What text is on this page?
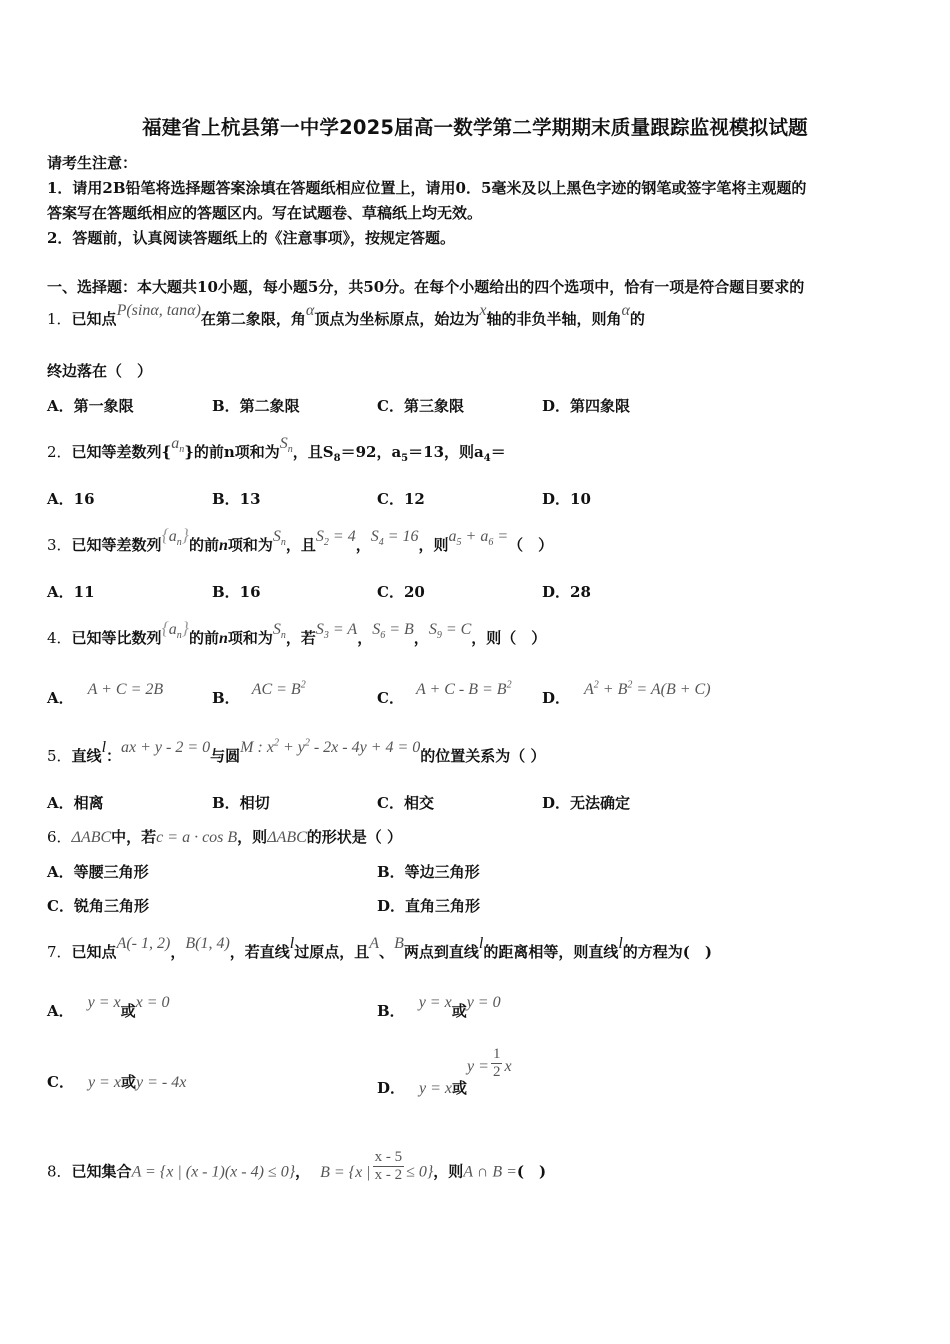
福建省上杭县第一中学2025届高一数学第二学期期末质量跟踪监视模拟试题
请考生注意：
1．请用2B铅笔将选择题答案涂填在答题纸相应位置上，请用0．5毫米及以上黑色字迹的钢笔或签字笔将主观题的
答案写在答题纸相应的答题区内。写在试题卷、草稿纸上均无效。
2．答题前，认真阅读答题纸上的《注意事项》，按规定答题。
一、选择题：本大题共10小题，每小题5分，共50分。在每个小题给出的四个选项中，恰有一项是符合题目要求的
1．已知点P(sinα, tanα)在第二象限，角α顶点为坐标原点，始边为x轴的非负半轴，则角α的
终边落在（　）
A．第一象限	B．第二象限	C．第三象限	D．第四象限
2．已知等差数列$\{a_n\}$的前n项和为$S_n$，且$S_8=92$，$a_5=13$，则$a_4=$
A．16	B．13	C．12	D．10
3．已知等差数列$\{a_n\}$的前n项和为$S_n$，且$S_2 = 4$，$S_4 = 16$，则$a_5 + a_6$ =（　）
A．11	B．16	C．20	D．28
4．已知等比数列$\{a_n\}$的前n项和为$S_n$，若$S_3 = A$，$S_6 = B$，$S_9 = C$，则（　）
A． A + C = 2B	B． AC = $B^2$
C． $A + C - B = B^2$
D． $A^2 + B^2 = A(B + C)$
5．直线l：ax + y - 2 = 0与圆M : $x^2 + y^2 - 2x - 4y + 4 = 0$的位置关系为（ ）
A．相离	B．相切	C．相交	D．无法确定
6．ΔABC中，若c = a · cos B，则ΔABC的形状是（ ）
A．等腰三角形	B．等边三角形
C．锐角三角形	D．直角三角形
7．已知点A(- 1, 2)，B(1, 4)，若直线l过原点，且A、B两点到直线l的距离相等，则直线l的方程为(　)
A． y = x或x = 0	B． y = x或y = 0
C． y = x或y = - 4x	D． y = x或$y = \frac{1}{2}$ x
8．已知集合A = {x | (x - 1)(x - 4) ≤ 0}， B = {x | $\frac{x - 5}{x - 2} \le 0$}，则A ∩ B =(　)
